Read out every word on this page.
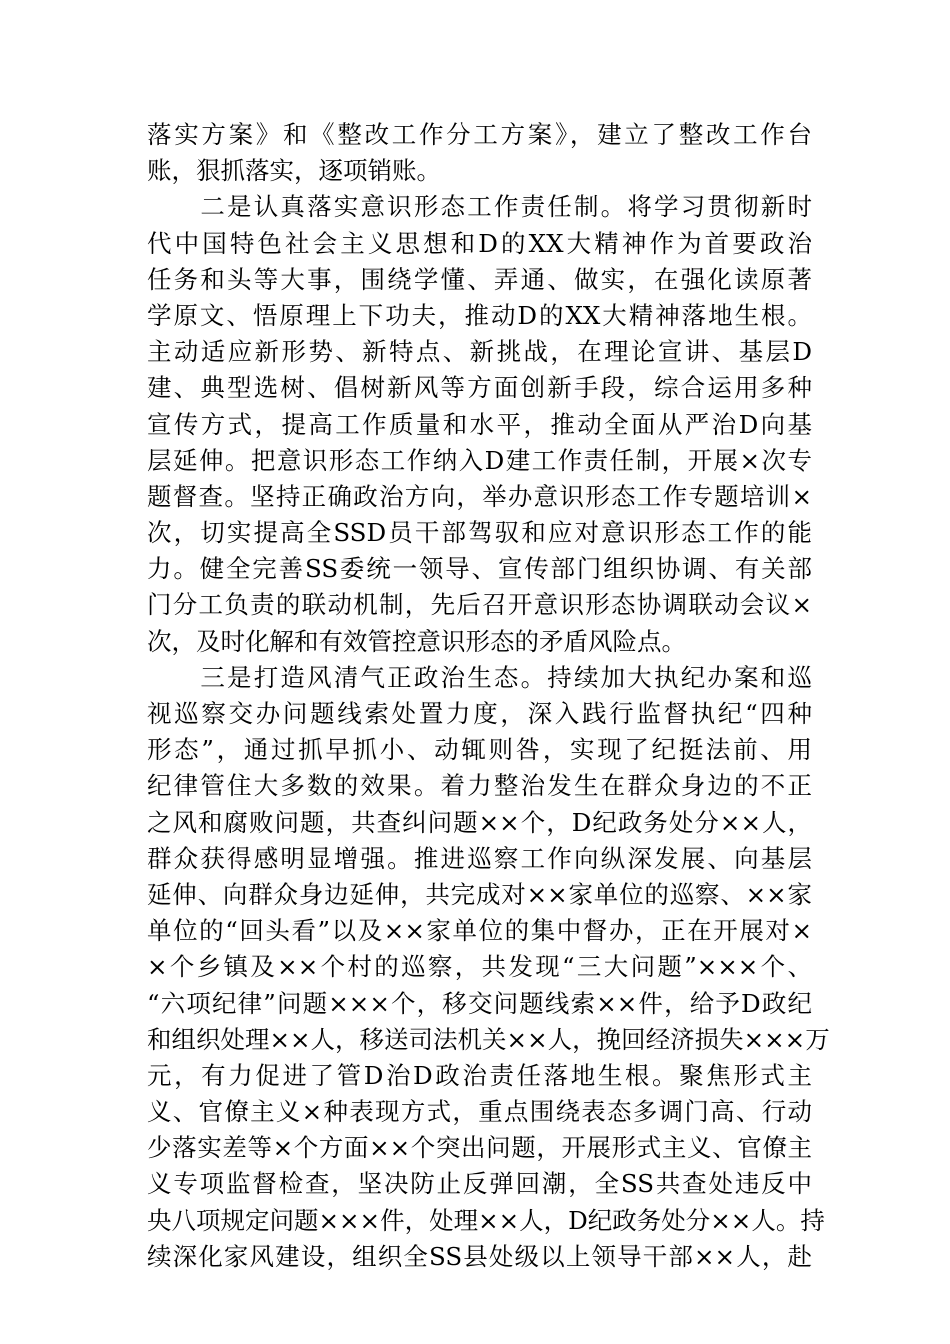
落实方案》和《整改工作分工方案》，建立了整改工作台
账，狠抓落实，逐项销账。
　　二是认真落实意识形态工作责任制。将学习贯彻新时
代中国特色社会主义思想和D的XX大精神作为首要政治
任务和头等大事，围绕学懂、弄通、做实，在强化读原著
学原文、悟原理上下功夫，推动D的XX大精神落地生根。
主动适应新形势、新特点、新挑战，在理论宣讲、基层D
建、典型选树、倡树新风等方面创新手段，综合运用多种
宣传方式，提高工作质量和水平，推动全面从严治D向基
层延伸。把意识形态工作纳入D建工作责任制，开展×次专
题督查。坚持正确政治方向，举办意识形态工作专题培训×
次，切实提高全SSD员干部驾驭和应对意识形态工作的能
力。健全完善SS委统一领导、宣传部门组织协调、有关部
门分工负责的联动机制，先后召开意识形态协调联动会议×
次，及时化解和有效管控意识形态的矛盾风险点。
　　三是打造风清气正政治生态。持续加大执纪办案和巡
视巡察交办问题线索处置力度，深入践行监督执纪“四种
形态”，通过抓早抓小、动辄则咎，实现了纪挺法前、用
纪律管住大多数的效果。着力整治发生在群众身边的不正
之风和腐败问题，共查纠问题××个，D纪政务处分××人，
群众获得感明显增强。推进巡察工作向纵深发展、向基层
延伸、向群众身边延伸，共完成对××家单位的巡察、××家
单位的“回头看”以及××家单位的集中督办，正在开展对×
×个乡镇及××个村的巡察，共发现“三大问题”×××个、
“六项纪律”问题×××个，移交问题线索××件，给予D政纪
和组织处理××人，移送司法机关××人，挽回经济损失×××万
元，有力促进了管D治D政治责任落地生根。聚焦形式主
义、官僚主义×种表现方式，重点围绕表态多调门高、行动
少落实差等×个方面××个突出问题，开展形式主义、官僚主
义专项监督检查，坚决防止反弹回潮，全SS共查处违反中
央八项规定问题×××件，处理××人，D纪政务处分××人。持
续深化家风建设，组织全SS县处级以上领导干部××人，赴
